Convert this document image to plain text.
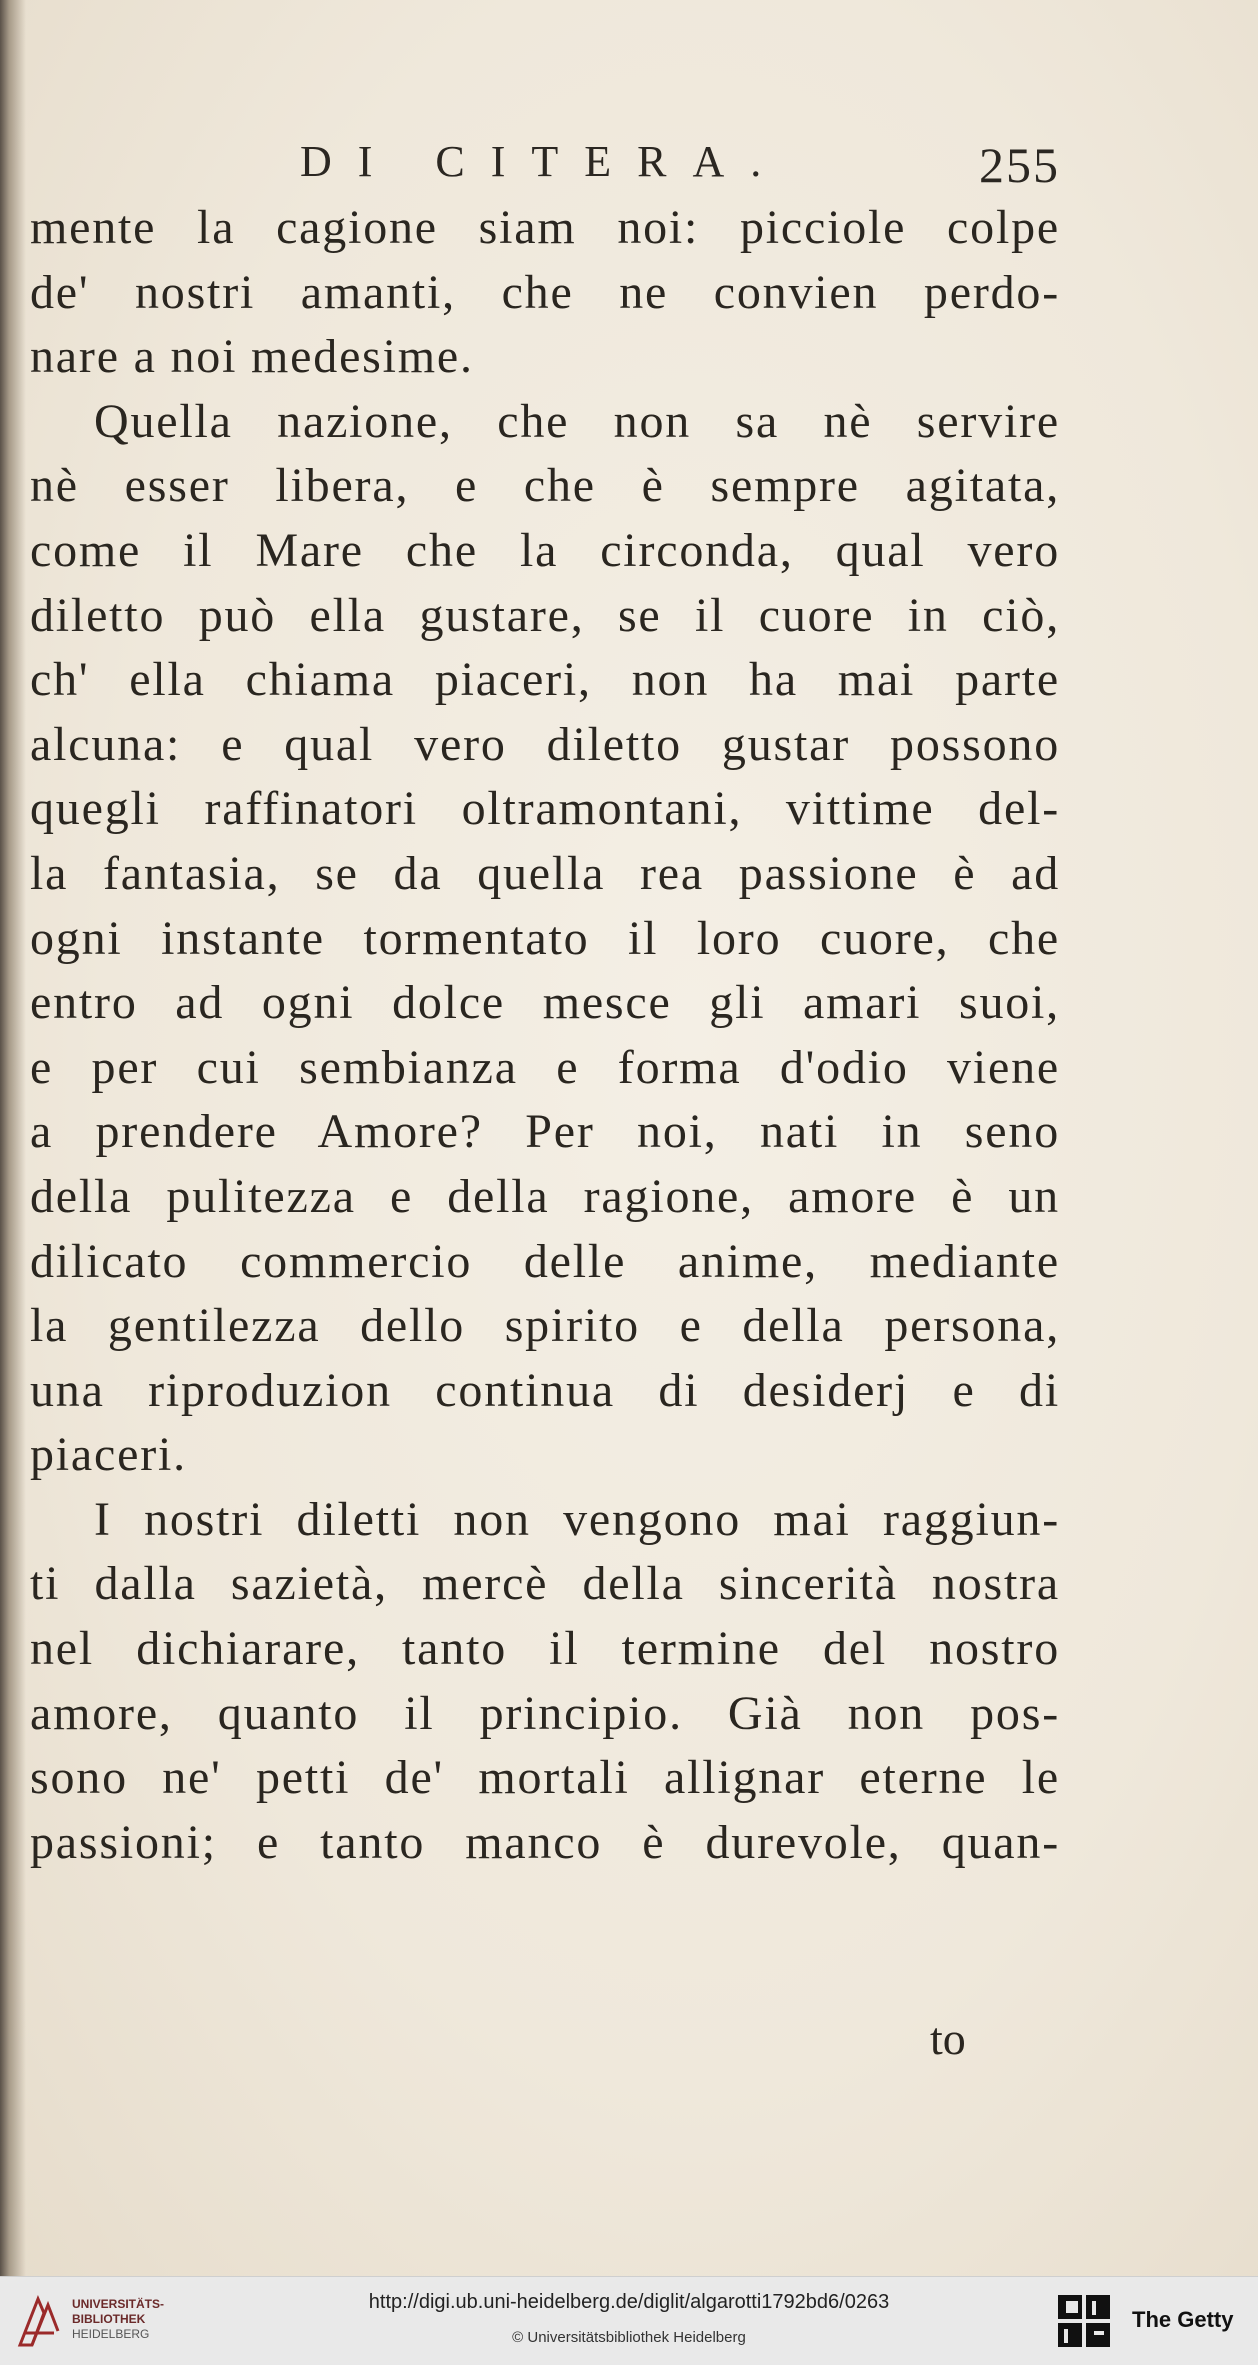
DI CITERA.	255
mente la cagione siam noi: picciole colpe
de' nostri amanti, che ne convien perdo-
nare a noi medesime.
Quella nazione, che non sa nè servire
nè esser libera, e che è sempre agitata,
come il Mare che la circonda, qual vero
diletto può ella gustare, se il cuore in ciò,
ch' ella chiama piaceri, non ha mai parte
alcuna: e qual vero diletto gustar possono
quegli raffinatori oltramontani, vittime del-
la fantasia, se da quella rea passione è ad
ogni instante tormentato il loro cuore, che
entro ad ogni dolce mesce gli amari suoi,
e per cui sembianza e forma d'odio viene
a prendere Amore? Per noi, nati in seno
della pulitezza e della ragione, amore è un
dilicato commercio delle anime, mediante
la gentilezza dello spirito e della persona,
una riproduzion continua di desiderj e di
piaceri.
I nostri diletti non vengono mai raggiun-
ti dalla sazietà, mercè della sincerità nostra
nel dichiarare, tanto il termine del nostro
amore, quanto il principio. Già non pos-
sono ne' petti de' mortali allignar eterne le
passioni; e tanto manco è durevole, quan-
to
UNIVERSITÄTS-
BIBLIOTHEK
HEIDELBERG
http://digi.ub.uni-heidelberg.de/diglit/algarotti1792bd6/0263
© Universitätsbibliothek Heidelberg
The Getty
